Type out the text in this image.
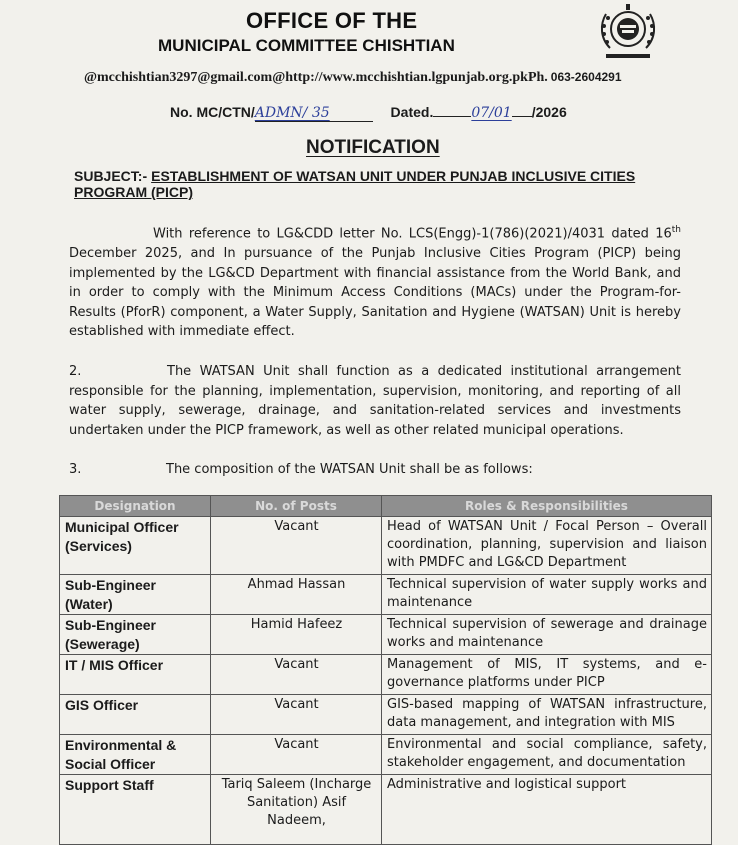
OFFICE OF THE
MUNICIPAL COMMITTEE CHISHTIAN
@mcchishtian3297@gmail.com@http://www.mcchishtian.lgpunjab.org.pkPh. 063-2604291
No. MC/CTN/ADMN/ 35	Dated.	07/01 /2026
NOTIFICATION
SUBJECT:- ESTABLISHMENT OF WATSAN UNIT UNDER PUNJAB INCLUSIVE CITIES PROGRAM (PICP)
With reference to LG&CDD letter No. LCS(Engg)-1(786)(2021)/4031 dated 16th December 2025, and In pursuance of the Punjab Inclusive Cities Program (PICP) being implemented by the LG&CD Department with financial assistance from the World Bank, and in order to comply with the Minimum Access Conditions (MACs) under the Program-for-Results (PforR) component, a Water Supply, Sanitation and Hygiene (WATSAN) Unit is hereby established with immediate effect.
2.	The WATSAN Unit shall function as a dedicated institutional arrangement responsible for the planning, implementation, supervision, monitoring, and reporting of all water supply, sewerage, drainage, and sanitation-related services and investments undertaken under the PICP framework, as well as other related municipal operations.
3.	The composition of the WATSAN Unit shall be as follows:
Designation	No. of Posts	Roles & Responsibilities
Municipal Officer (Services)	Vacant	Head of WATSAN Unit / Focal Person – Overall coordination, planning, supervision and liaison with PMDFC and LG&CD Department
Sub-Engineer (Water)	Ahmad Hassan	Technical supervision of water supply works and maintenance
Sub-Engineer (Sewerage)	Hamid Hafeez	Technical supervision of sewerage and drainage works and maintenance
IT / MIS Officer	Vacant	Management of MIS, IT systems, and e-governance platforms under PICP
GIS Officer	Vacant	GIS-based mapping of WATSAN infrastructure, data management, and integration with MIS
Environmental & Social Officer	Vacant	Environmental and social compliance, safety, stakeholder engagement, and documentation
Support Staff	Tariq Saleem (Incharge Sanitation) Asif Nadeem,	Administrative and logistical support
